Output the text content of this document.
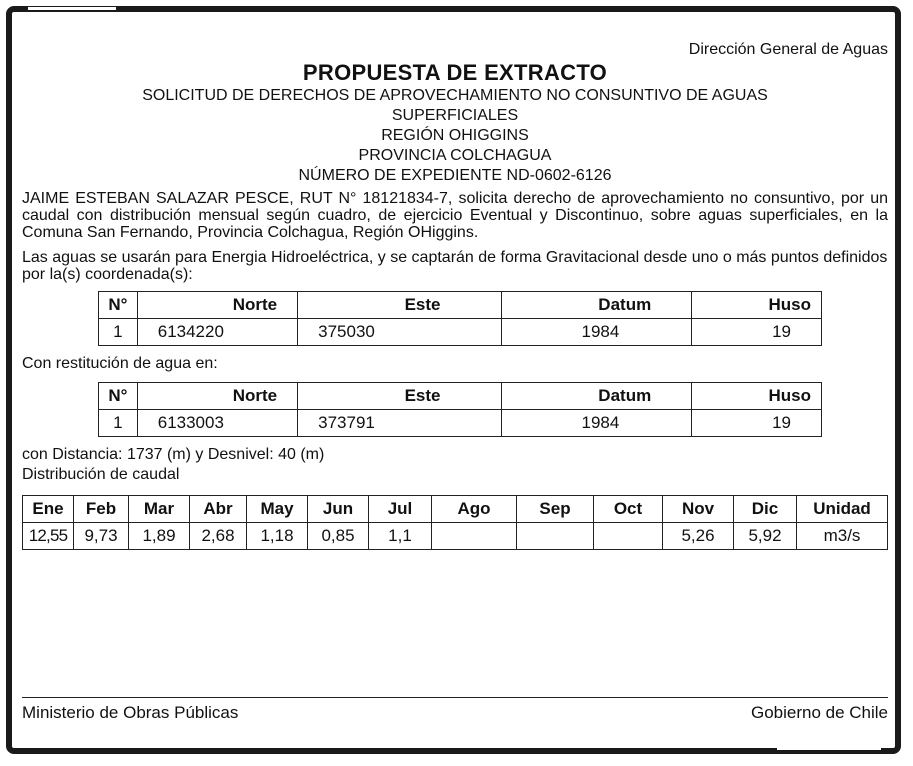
Dirección General de Aguas
PROPUESTA DE EXTRACTO
SOLICITUD DE DERECHOS DE APROVECHAMIENTO NO CONSUNTIVO DE AGUAS
SUPERFICIALES
REGIÓN OHIGGINS
PROVINCIA COLCHAGUA
NÚMERO DE EXPEDIENTE ND-0602-6126
JAIME ESTEBAN SALAZAR PESCE, RUT N° 18121834-7, solicita derecho de aprovechamiento no consuntivo, por un caudal con distribución mensual según cuadro, de ejercicio Eventual y Discontinuo, sobre aguas superficiales, en la Comuna San Fernando, Provincia Colchagua, Región OHiggins.
Las aguas se usarán para Energia Hidroeléctrica, y se captarán de forma Gravitacional desde uno o más puntos definidos por la(s) coordenada(s):
N°	Norte	Este	Datum	Huso
1	6134220	375030	1984	19
Con restitución de agua en:
N°	Norte	Este	Datum	Huso
1	6133003	373791	1984	19
con Distancia: 1737 (m) y Desnivel: 40 (m)
Distribución de caudal
Ene	Feb	Mar	Abr	May	Jun	Jul	Ago	Sep	Oct	Nov	Dic	Unidad
12,55	9,73	1,89	2,68	1,18	0,85	1,1				5,26	5,92	m3/s
Ministerio de Obras Públicas	Gobierno de Chile
